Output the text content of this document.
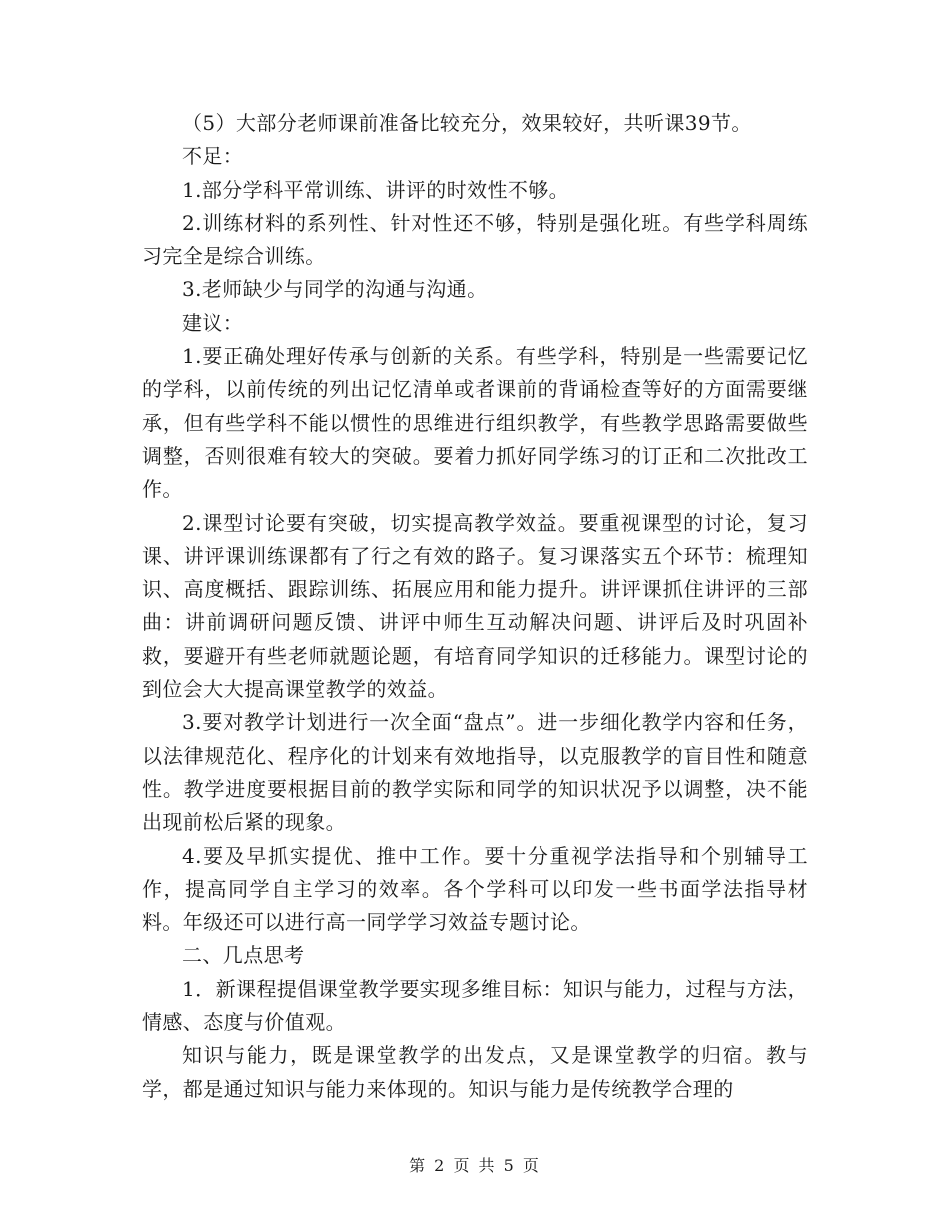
（5）大部分老师课前准备比较充分，效果较好，共听课39节。

不足：

1.部分学科平常训练、讲评的时效性不够。

2.训练材料的系列性、针对性还不够，特别是强化班。有些学科周练习完全是综合训练。

3.老师缺少与同学的沟通与沟通。

建议：

1.要正确处理好传承与创新的关系。有些学科，特别是一些需要记忆的学科，以前传统的列出记忆清单或者课前的背诵检查等好的方面需要继承，但有些学科不能以惯性的思维进行组织教学，有些教学思路需要做些调整，否则很难有较大的突破。要着力抓好同学练习的订正和二次批改工作。

2.课型讨论要有突破，切实提高教学效益。要重视课型的讨论，复习课、讲评课训练课都有了行之有效的路子。复习课落实五个环节：梳理知识、高度概括、跟踪训练、拓展应用和能力提升。讲评课抓住讲评的三部曲：讲前调研问题反馈、讲评中师生互动解决问题、讲评后及时巩固补救，要避开有些老师就题论题，有培育同学知识的迁移能力。课型讨论的到位会大大提高课堂教学的效益。

3.要对教学计划进行一次全面“盘点”。进一步细化教学内容和任务，以法律规范化、程序化的计划来有效地指导，以克服教学的盲目性和随意性。教学进度要根据目前的教学实际和同学的知识状况予以调整，决不能出现前松后紧的现象。

4.要及早抓实提优、推中工作。要十分重视学法指导和个别辅导工作，提高同学自主学习的效率。各个学科可以印发一些书面学法指导材料。年级还可以进行高一同学学习效益专题讨论。

二、几点思考

1．新课程提倡课堂教学要实现多维目标：知识与能力，过程与方法，情感、态度与价值观。

知识与能力，既是课堂教学的出发点，又是课堂教学的归宿。教与学，都是通过知识与能力来体现的。知识与能力是传统教学合理的

第 2 页 共 5 页
